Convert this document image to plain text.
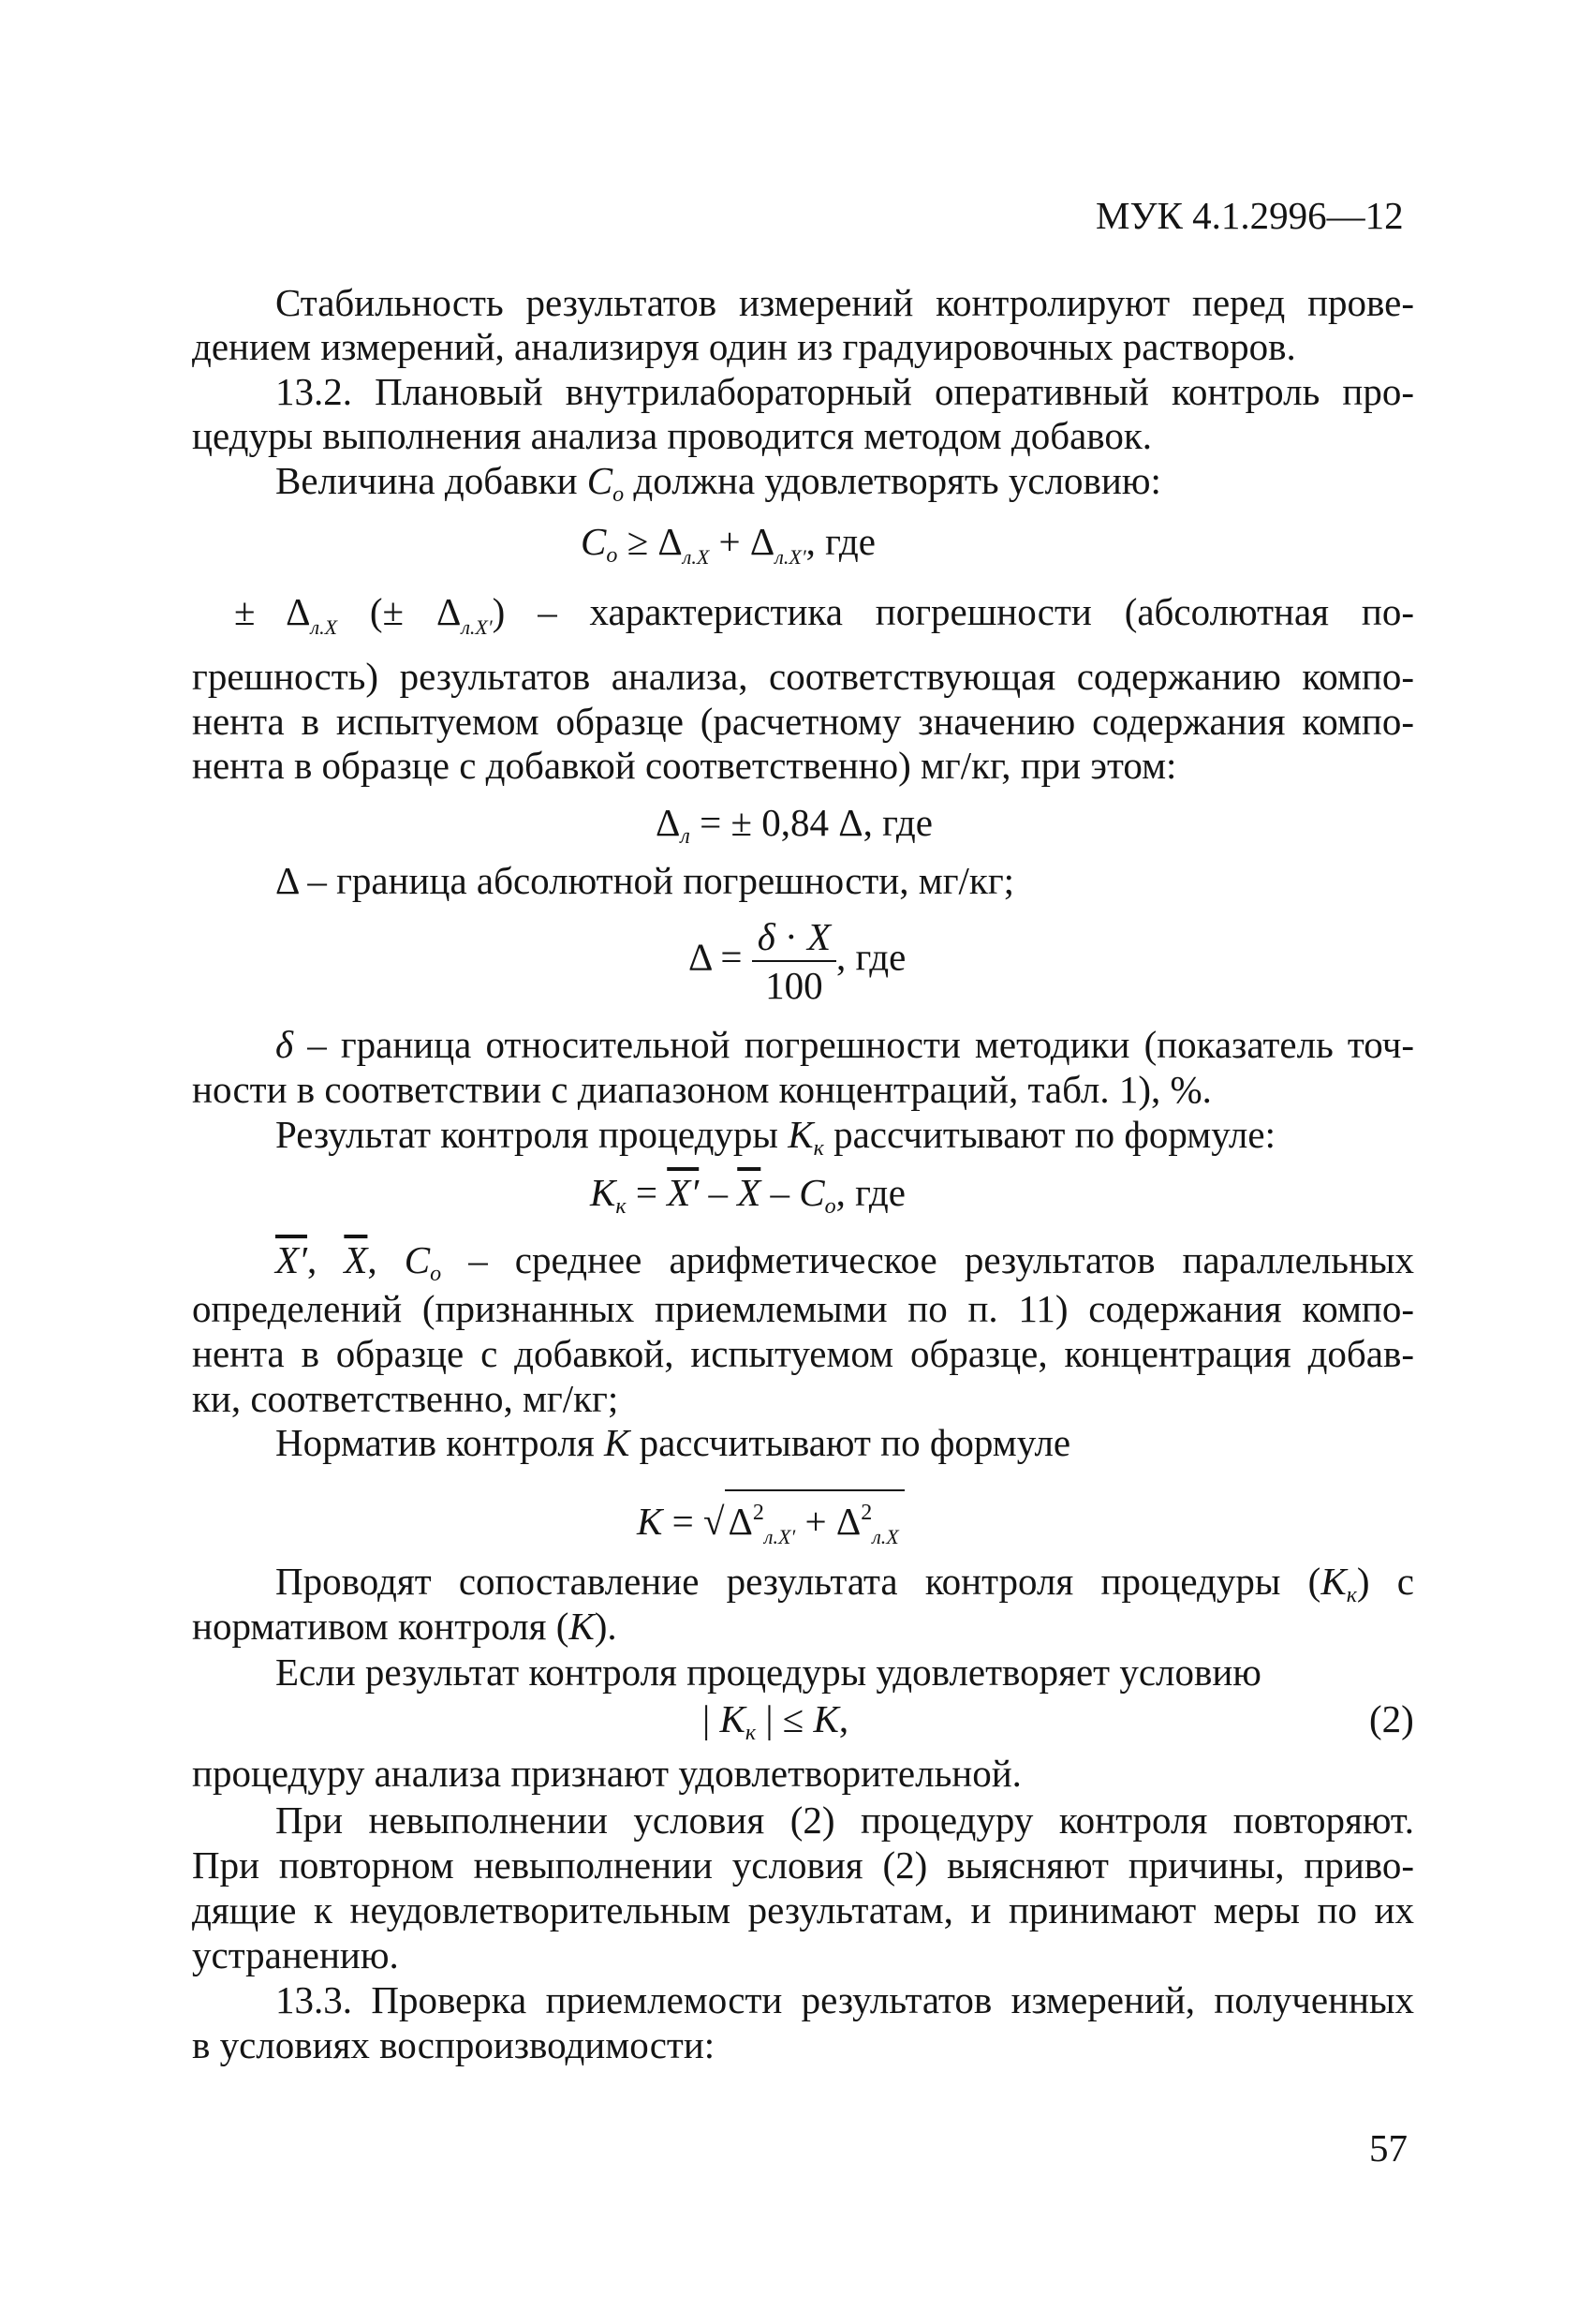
МУК 4.1.2996—12
Стабильность результатов измерений контролируют перед прове-
дением измерений, анализируя один из градуировочных растворов.
13.2. Плановый внутрилабораторный оперативный контроль про-
цедуры выполнения анализа проводится методом добавок.
Величина добавки $C_o$ должна удовлетворять условию:
$C_o \ge \Delta_{л.X} + \Delta_{л.X'}$, где
± $\Delta_{л.X}$ (± $\Delta_{л.X'}$) – характеристика погрешности (абсолютная по-
грешность) результатов анализа, соответствующая содержанию компо-
нента в испытуемом образце (расчетному значению содержания компо-
нента в образце с добавкой соответственно) мг/кг, при этом:
$\Delta_л$ = ± 0,84 Δ, где
Δ – граница абсолютной погрешности, мг/кг;
$\Delta = \frac{\delta \cdot X}{100}$ , где
δ – граница относительной погрешности методики (показатель точ-
ности в соответствии с диапазоном концентраций, табл. 1), %.
Результат контроля процедуры $K_к$ рассчитывают по формуле:
$K_к = X' - \overline{X} - C_o$, где
X′, $\overline{X}$, $C_o$ – среднее арифметическое результатов параллельных
определений (признанных приемлемыми по п. 11) содержания компо-
нента в образце с добавкой, испытуемом образце, концентрация добав-
ки, соответственно, мг/кг;
Норматив контроля K рассчитывают по формуле
$K = √\Delta^2_{л.X'} + \Delta^2_{л.X}$
Проводят сопоставление результата контроля процедуры $(K_к)$ с
нормативом контроля (K).
Если результат контроля процедуры удовлетворяет условию
| $K_к$ | ≤ K,	(2)
процедуру анализа признают удовлетворительной.
При невыполнении условия (2) процедуру контроля повторяют.
При повторном невыполнении условия (2) выясняют причины, приво-
дящие к неудовлетворительным результатам, и принимают меры по их
устранению.
13.3. Проверка приемлемости результатов измерений, полученных
в условиях воспроизводимости:
57
